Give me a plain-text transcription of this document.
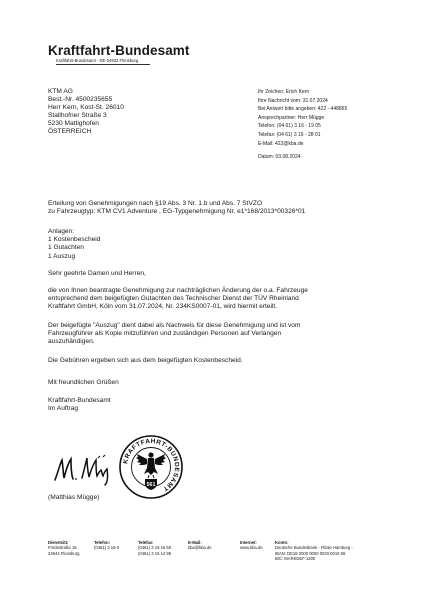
Kraftfahrt-Bundesamt
Kraftfahrt-Bundesamt - DE-24932 Flensburg
KTM AG
Best.-Nr. 4500235655
Herr Kern, Kost-St. 26010
Stallhofner Straße 3
5230 Mattighofen
ÖSTERREICH
Ihr Zeichen: Erich Kern
Ihre Nachricht vom: 31.07.2024
Bei Antwort bitte angeben: 422 - 448865
Ansprechpartner: Herr Mügge
Telefon: (04 61) 3 16 - 19 05
Telefax: (04 61) 3 16 - 28 01
E-Mail: 422@kba.de
Datum: 03.08.2024
Erteilung von Genehmigungen nach §19 Abs. 3 Nr. 1.b und Abs. 7 StVZO
zu Fahrzeugtyp: KTM CV1 Adventure , EG-Typgenehmigung Nr. e1*168/2013*00326*01
Anlagen:
1 Kostenbescheid
1 Gutachten
1 Auszug
Sehr geehrte Damen und Herren,
die von Ihnen beantragte Genehmigung zur nachträglichen Änderung der o.a. Fahrzeuge
entsprechend dem beigefügten Gutachten des Technischer Dienst der TÜV Rheinland
Kraftfahrt GmbH, Köln vom 31.07.2024, Nr. 234KS0007-01, wird hiermit erteilt.
Der beigefügte "Auszug" dient dabei als Nachweis für diese Genehmigung und ist vom
Fahrzeugführer als Kopie mitzuführen und zuständigen Personen auf Verlangen
auszuhändigen.
Die Gebühren ergeben sich aus dem beigefügten Kostenbescheid.
Mit freundlichen Grüßen
Kraftfahrt-Bundesamt
Im Auftrag
KRAFTFAHRT-BUNDESAMT
561
(Matthias Mügge)
Dienstsitz
Fördestraße 16
24944 Flensburg
Telefon:
(0461) 3 16-0
Telefax:
(0461) 3 16 16 50
(0461) 3 16 14 95
E-Mail:
kba@kba.de
Internet:
www.kba.de
Konto:
Deutsche Bundesbank - Filiale Hamburg -
IBAN: DE18 2000 0000 0020 0010 66
BIC: MARKDEF 1200
